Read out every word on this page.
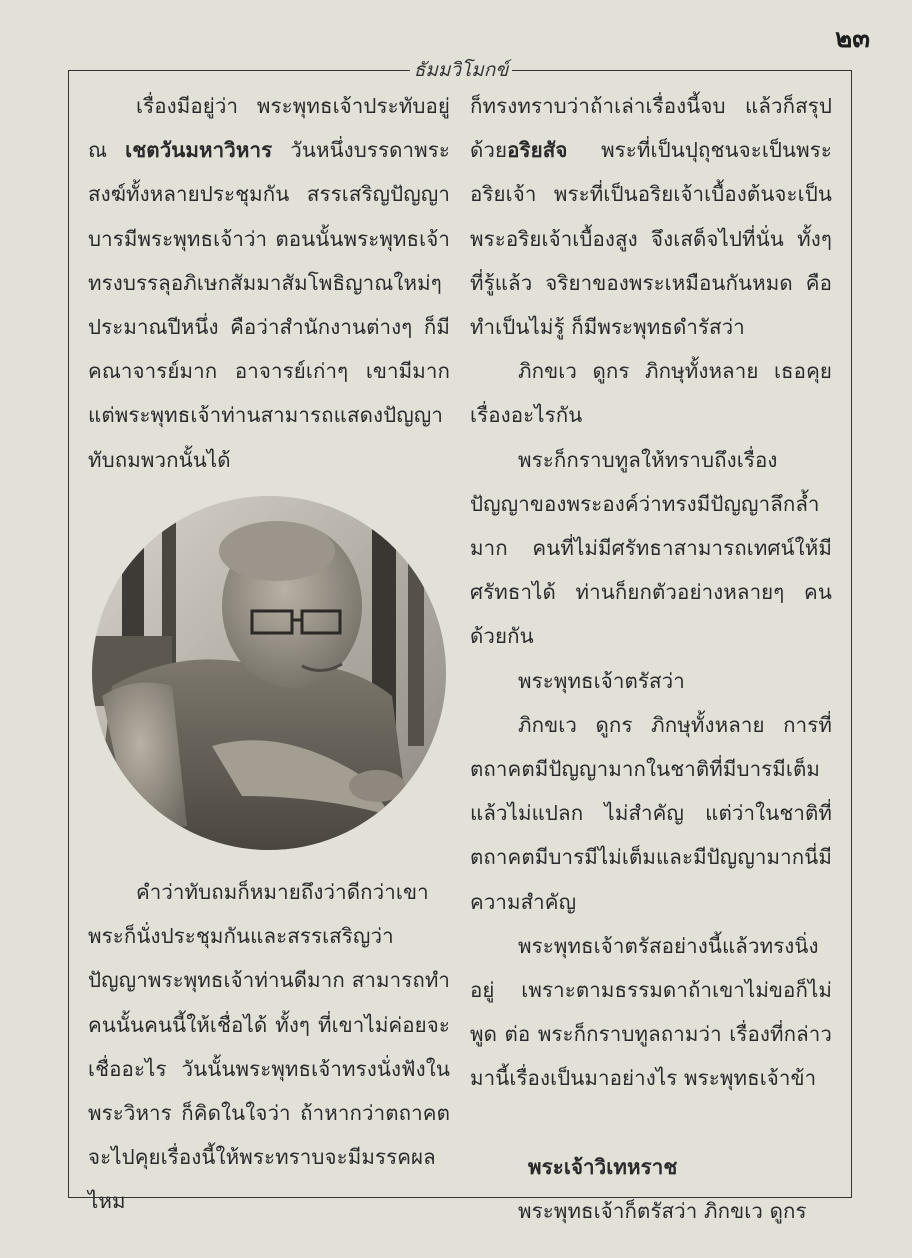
๒๓
ธัมมวิโมกข์

เรื่องมีอยู่ว่า พระพุทธเจ้าประทับอยู่ ณ เชตวันมหาวิหาร วันหนึ่งบรรดาพระสงฆ์ทั้งหลายประชุมกัน สรรเสริญปัญญาบารมีพระพุทธเจ้าว่า ตอนนั้นพระพุทธเจ้าทรงบรรลุอภิเษกสัมมาสัมโพธิญาณใหม่ๆ ประมาณปีหนึ่ง คือว่าสำนักงานต่างๆ ก็มีคณาจารย์มาก อาจารย์เก่าๆ เขามีมาก แต่พระพุทธเจ้าท่านสามารถแสดงปัญญาทับถมพวกนั้นได้

คำว่าทับถมก็หมายถึงว่าดีกว่าเขา พระก็นั่งประชุมกันและสรรเสริญว่าปัญญาพระพุทธเจ้าท่านดีมาก สามารถทำคนนั้นคนนี้ให้เชื่อได้ ทั้งๆ ที่เขาไม่ค่อยจะเชื่ออะไร วันนั้นพระพุทธเจ้าทรงนั่งฟังในพระวิหาร ก็คิดในใจว่า ถ้าหากว่าตถาคตจะไปคุยเรื่องนี้ให้พระทราบจะมีมรรคผลไหม

ก็ทรงทราบว่าถ้าเล่าเรื่องนี้จบ แล้วก็สรุปด้วยอริยสัจ พระที่เป็นปุถุชนจะเป็นพระอริยเจ้า พระที่เป็นอริยเจ้าเบื้องต้นจะเป็นพระอริยเจ้าเบื้องสูง จึงเสด็จไปที่นั่น ทั้งๆ ที่รู้แล้ว จริยาของพระเหมือนกันหมด คือ ทำเป็นไม่รู้ ก็มีพระพุทธดำรัสว่า

ภิกขเว ดูกร ภิกษุทั้งหลาย เธอคุยเรื่องอะไรกัน

พระก็กราบทูลให้ทราบถึงเรื่องปัญญาของพระองค์ว่าทรงมีปัญญาลึกล้ำมาก คนที่ไม่มีศรัทธาสามารถเทศน์ให้มีศรัทธาได้ ท่านก็ยกตัวอย่างหลายๆ คนด้วยกัน

พระพุทธเจ้าตรัสว่า

ภิกขเว ดูกร ภิกษุทั้งหลาย การที่ตถาคตมีปัญญามากในชาติที่มีบารมีเต็มแล้วไม่แปลก ไม่สำคัญ แต่ว่าในชาติที่ตถาคตมีบารมีไม่เต็มและมีปัญญามากนี่มีความสำคัญ

พระพุทธเจ้าตรัสอย่างนี้แล้วทรงนิ่งอยู่ เพราะตามธรรมดาถ้าเขาไม่ขอก็ไม่พูด ต่อ พระก็กราบทูลถามว่า เรื่องที่กล่าวมานี้เรื่องเป็นมาอย่างไร พระพุทธเจ้าข้า

พระเจ้าวิเทหราช

พระพุทธเจ้าก็ตรัสว่า ภิกขเว ดูกร
